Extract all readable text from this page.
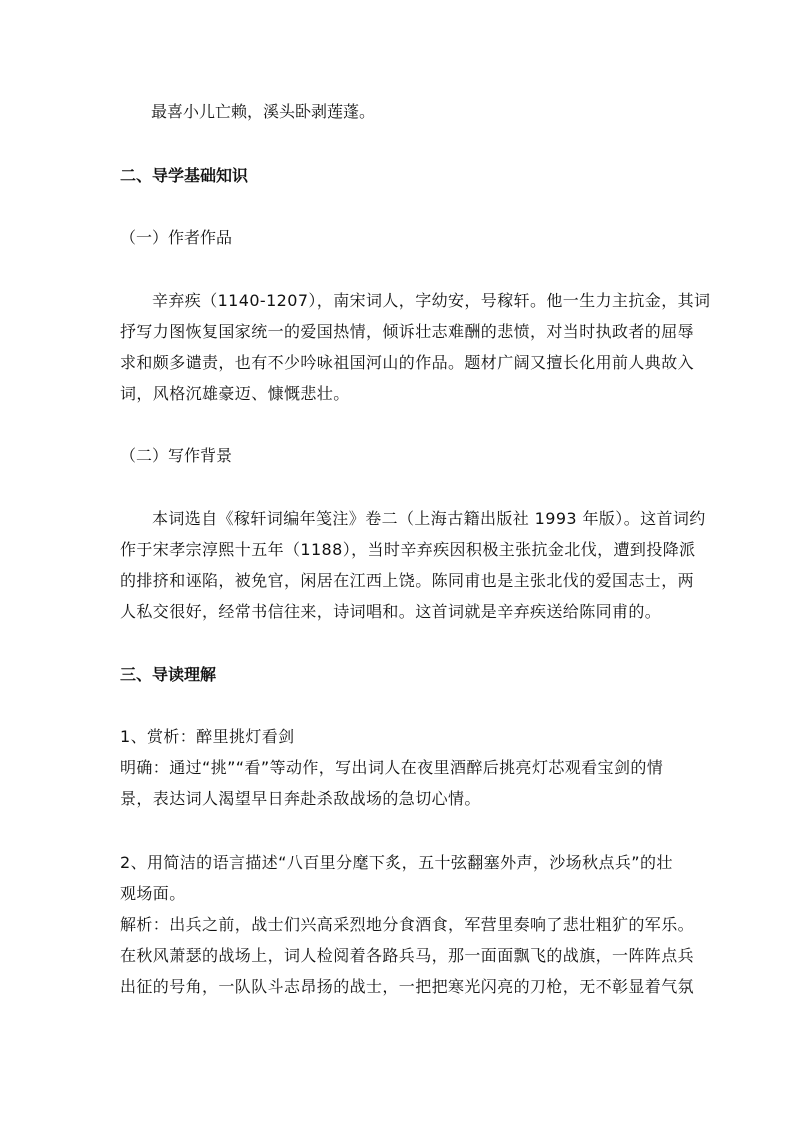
最喜小儿亡赖，溪头卧剥莲蓬。
二、导学基础知识
（一）作者作品
辛弃疾（1140-1207），南宋词人，字幼安，号稼轩。他一生力主抗金，其词
抒写力图恢复国家统一的爱国热情，倾诉壮志难酬的悲愤，对当时执政者的屈辱
求和颇多谴责，也有不少吟咏祖国河山的作品。题材广阔又擅长化用前人典故入
词，风格沉雄豪迈、慷慨悲壮。
（二）写作背景
本词选自《稼轩词编年笺注》卷二（上海古籍出版社 1993 年版）。这首词约
作于宋孝宗淳熙十五年（1188），当时辛弃疾因积极主张抗金北伐，遭到投降派
的排挤和诬陷，被免官，闲居在江西上饶。陈同甫也是主张北伐的爱国志士，两
人私交很好，经常书信往来，诗词唱和。这首词就是辛弃疾送给陈同甫的。
三、导读理解
1、赏析：醉里挑灯看剑
明确：通过“挑”“看”等动作，写出词人在夜里酒醉后挑亮灯芯观看宝剑的情
景，表达词人渴望早日奔赴杀敌战场的急切心情。
2、用简洁的语言描述“八百里分麾下炙，五十弦翻塞外声，沙场秋点兵”的壮
观场面。
解析：出兵之前，战士们兴高采烈地分食酒食，军营里奏响了悲壮粗犷的军乐。
在秋风萧瑟的战场上，词人检阅着各路兵马，那一面面飘飞的战旗，一阵阵点兵
出征的号角，一队队斗志昂扬的战士，一把把寒光闪亮的刀枪，无不彰显着气氛
